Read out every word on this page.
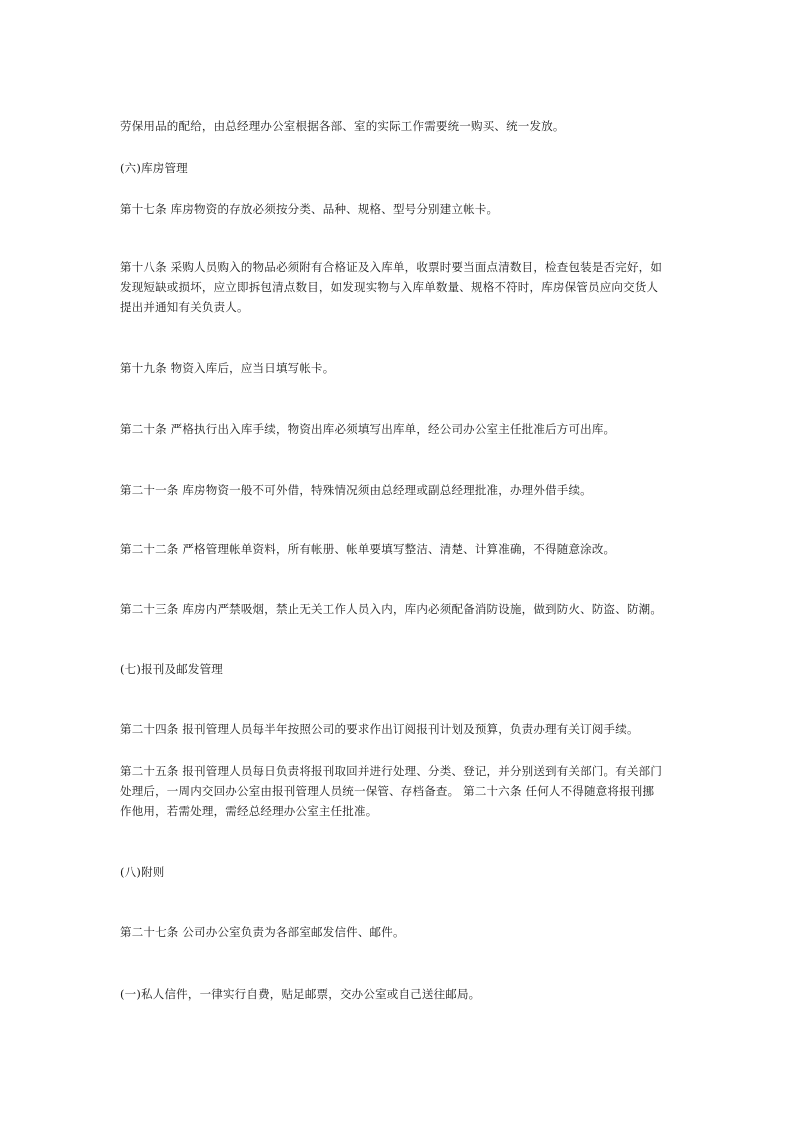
劳保用品的配给，由总经理办公室根据各部、室的实际工作需要统一购买、统一发放。
(六)库房管理
第十七条 库房物资的存放必须按分类、品种、规格、型号分别建立帐卡。
第十八条 采购人员购入的物品必须附有合格证及入库单，收票时要当面点清数目，检查包装是否完好，如
发现短缺或损坏，应立即拆包清点数目，如发现实物与入库单数量、规格不符时，库房保管员应向交货人
提出并通知有关负责人。
第十九条 物资入库后，应当日填写帐卡。
第二十条 严格执行出入库手续，物资出库必须填写出库单，经公司办公室主任批准后方可出库。
第二十一条 库房物资一般不可外借，特殊情况须由总经理或副总经理批准，办理外借手续。
第二十二条 严格管理帐单资料，所有帐册、帐单要填写整洁、清楚、计算准确，不得随意涂改。
第二十三条 库房内严禁吸烟，禁止无关工作人员入内，库内必须配备消防设施，做到防火、防盗、防潮。
(七)报刊及邮发管理
第二十四条 报刊管理人员每半年按照公司的要求作出订阅报刊计划及预算，负责办理有关订阅手续。
第二十五条 报刊管理人员每日负责将报刊取回并进行处理、分类、登记，并分别送到有关部门。有关部门
处理后，一周内交回办公室由报刊管理人员统一保管、存档备查。 第二十六条 任何人不得随意将报刊挪
作他用，若需处理，需经总经理办公室主任批准。
(八)附则
第二十七条 公司办公室负责为各部室邮发信件、邮件。
(一)私人信件，一律实行自费，贴足邮票，交办公室或自己送往邮局。
